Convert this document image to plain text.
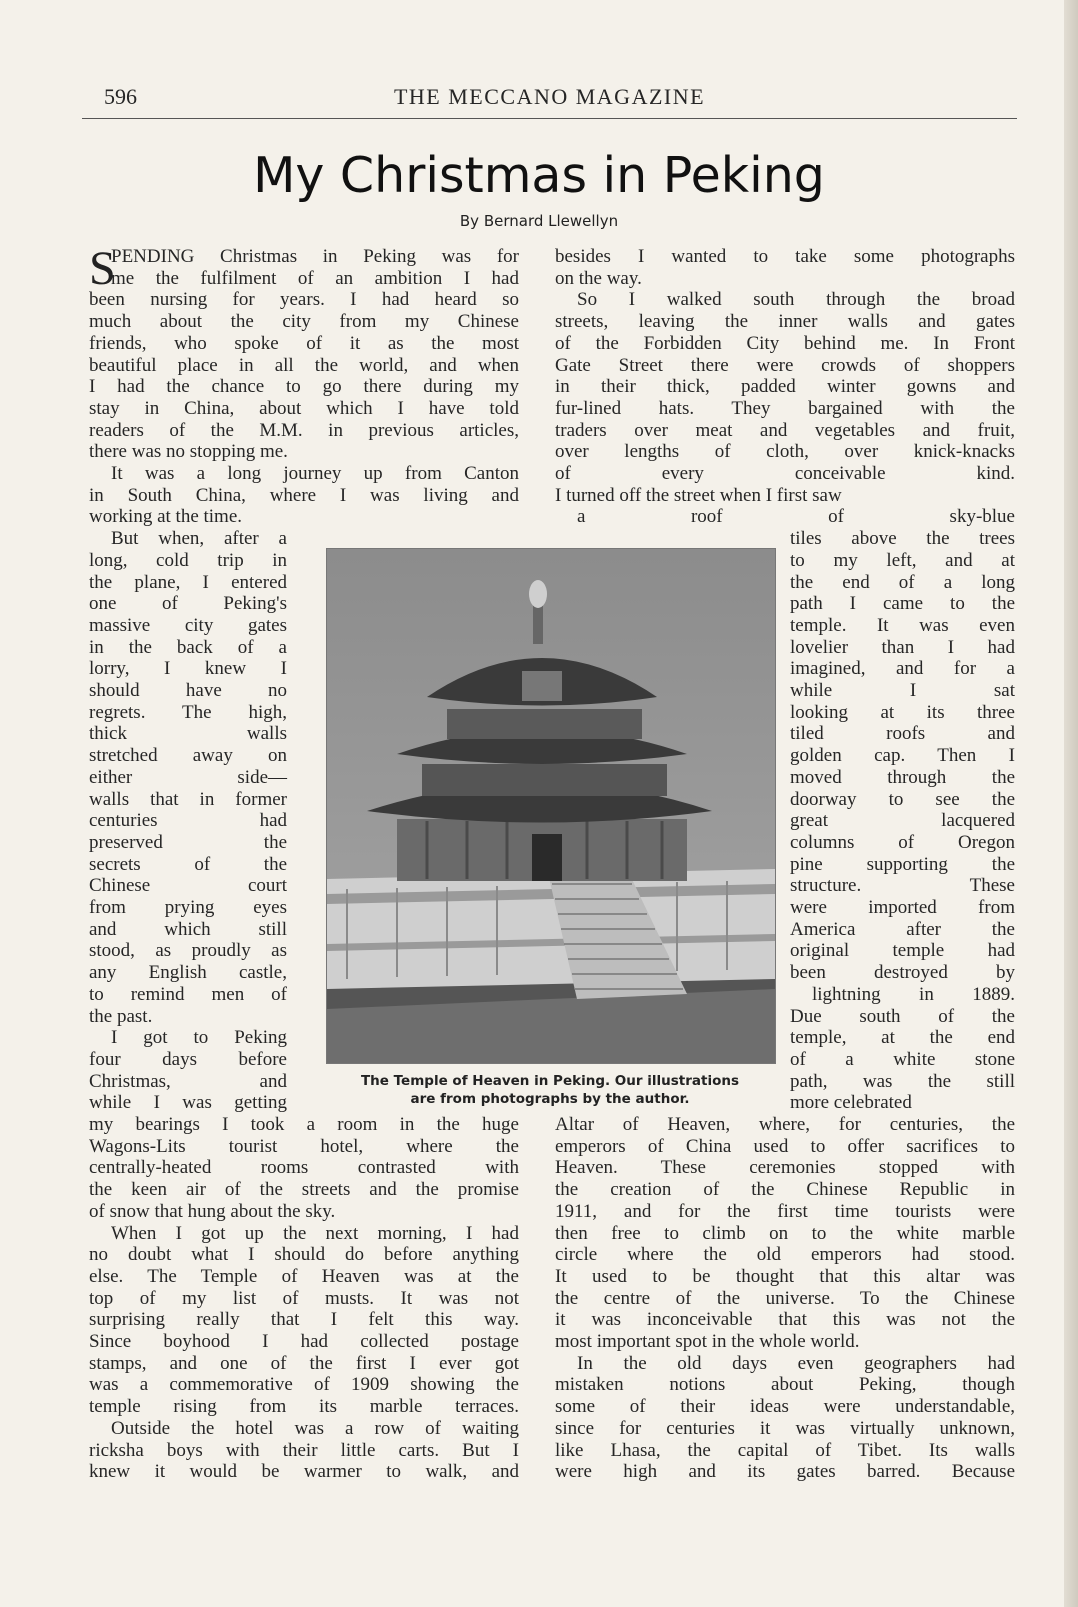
596	THE MECCANO MAGAZINE
My Christmas in Peking
By Bernard Llewellyn
S
PENDING Christmas in Peking was for
me the fulfilment of an ambition I had
been nursing for years. I had heard so
much about the city from my Chinese
friends, who spoke of it as the most
beautiful place in all the world, and when
I had the chance to go there during my
stay in China, about which I have told
readers of the M.M. in previous articles,
there was no stopping me.
It was a long journey up from Canton
in South China, where I was living and
working at the time.
But when, after a
long, cold trip in
the plane, I entered
one of Peking's
massive city gates
in the back of a
lorry, I knew I
should have no
regrets. The high,
thick walls
stretched away on
either side—
walls that in former
centuries had
preserved the
secrets of the
Chinese court
from prying eyes
and which still
stood, as proudly as
any English castle,
to remind men of
the past.
I got to Peking
four days before
Christmas, and
while I was getting
my bearings I took a room in the huge
Wagons-Lits tourist hotel, where the
centrally-heated rooms contrasted with
the keen air of the streets and the promise
of snow that hung about the sky.
When I got up the next morning, I had
no doubt what I should do before anything
else. The Temple of Heaven was at the
top of my list of musts. It was not
surprising really that I felt this way.
Since boyhood I had collected postage
stamps, and one of the first I ever got
was a commemorative of 1909 showing the
temple rising from its marble terraces.
Outside the hotel was a row of waiting
ricksha boys with their little carts. But I
knew it would be warmer to walk, and
besides I wanted to take some photographs
on the way.
So I walked south through the broad
streets, leaving the inner walls and gates
of the Forbidden City behind me. In Front
Gate Street there were crowds of shoppers
in their thick, padded winter gowns and
fur-lined hats. They bargained with the
traders over meat and vegetables and fruit,
over lengths of cloth, over knick-knacks
of every conceivable kind.
I turned off the street when I first saw
a roof of sky-blue
tiles above the trees
to my left, and at
the end of a long
path I came to the
temple. It was even
lovelier than I had
imagined, and for a
while I sat
looking at its three
tiled roofs and
golden cap. Then I
moved through the
doorway to see the
great lacquered
columns of Oregon
pine supporting the
structure. These
were imported from
America after the
original temple had
been destroyed by
lightning in 1889.
Due south of the
temple, at the end
of a white stone
path, was the still
more celebrated
Altar of Heaven, where, for centuries, the
emperors of China used to offer sacrifices to
Heaven. These ceremonies stopped with
the creation of the Chinese Republic in
1911, and for the first time tourists were
then free to climb on to the white marble
circle where the old emperors had stood.
It used to be thought that this altar was
the centre of the universe. To the Chinese
it was inconceivable that this was not the
most important spot in the whole world.
In the old days even geographers had
mistaken notions about Peking, though
some of their ideas were understandable,
since for centuries it was virtually unknown,
like Lhasa, the capital of Tibet. Its walls
were high and its gates barred. Because
The Temple of Heaven in Peking. Our illustrations
are from photographs by the author.
